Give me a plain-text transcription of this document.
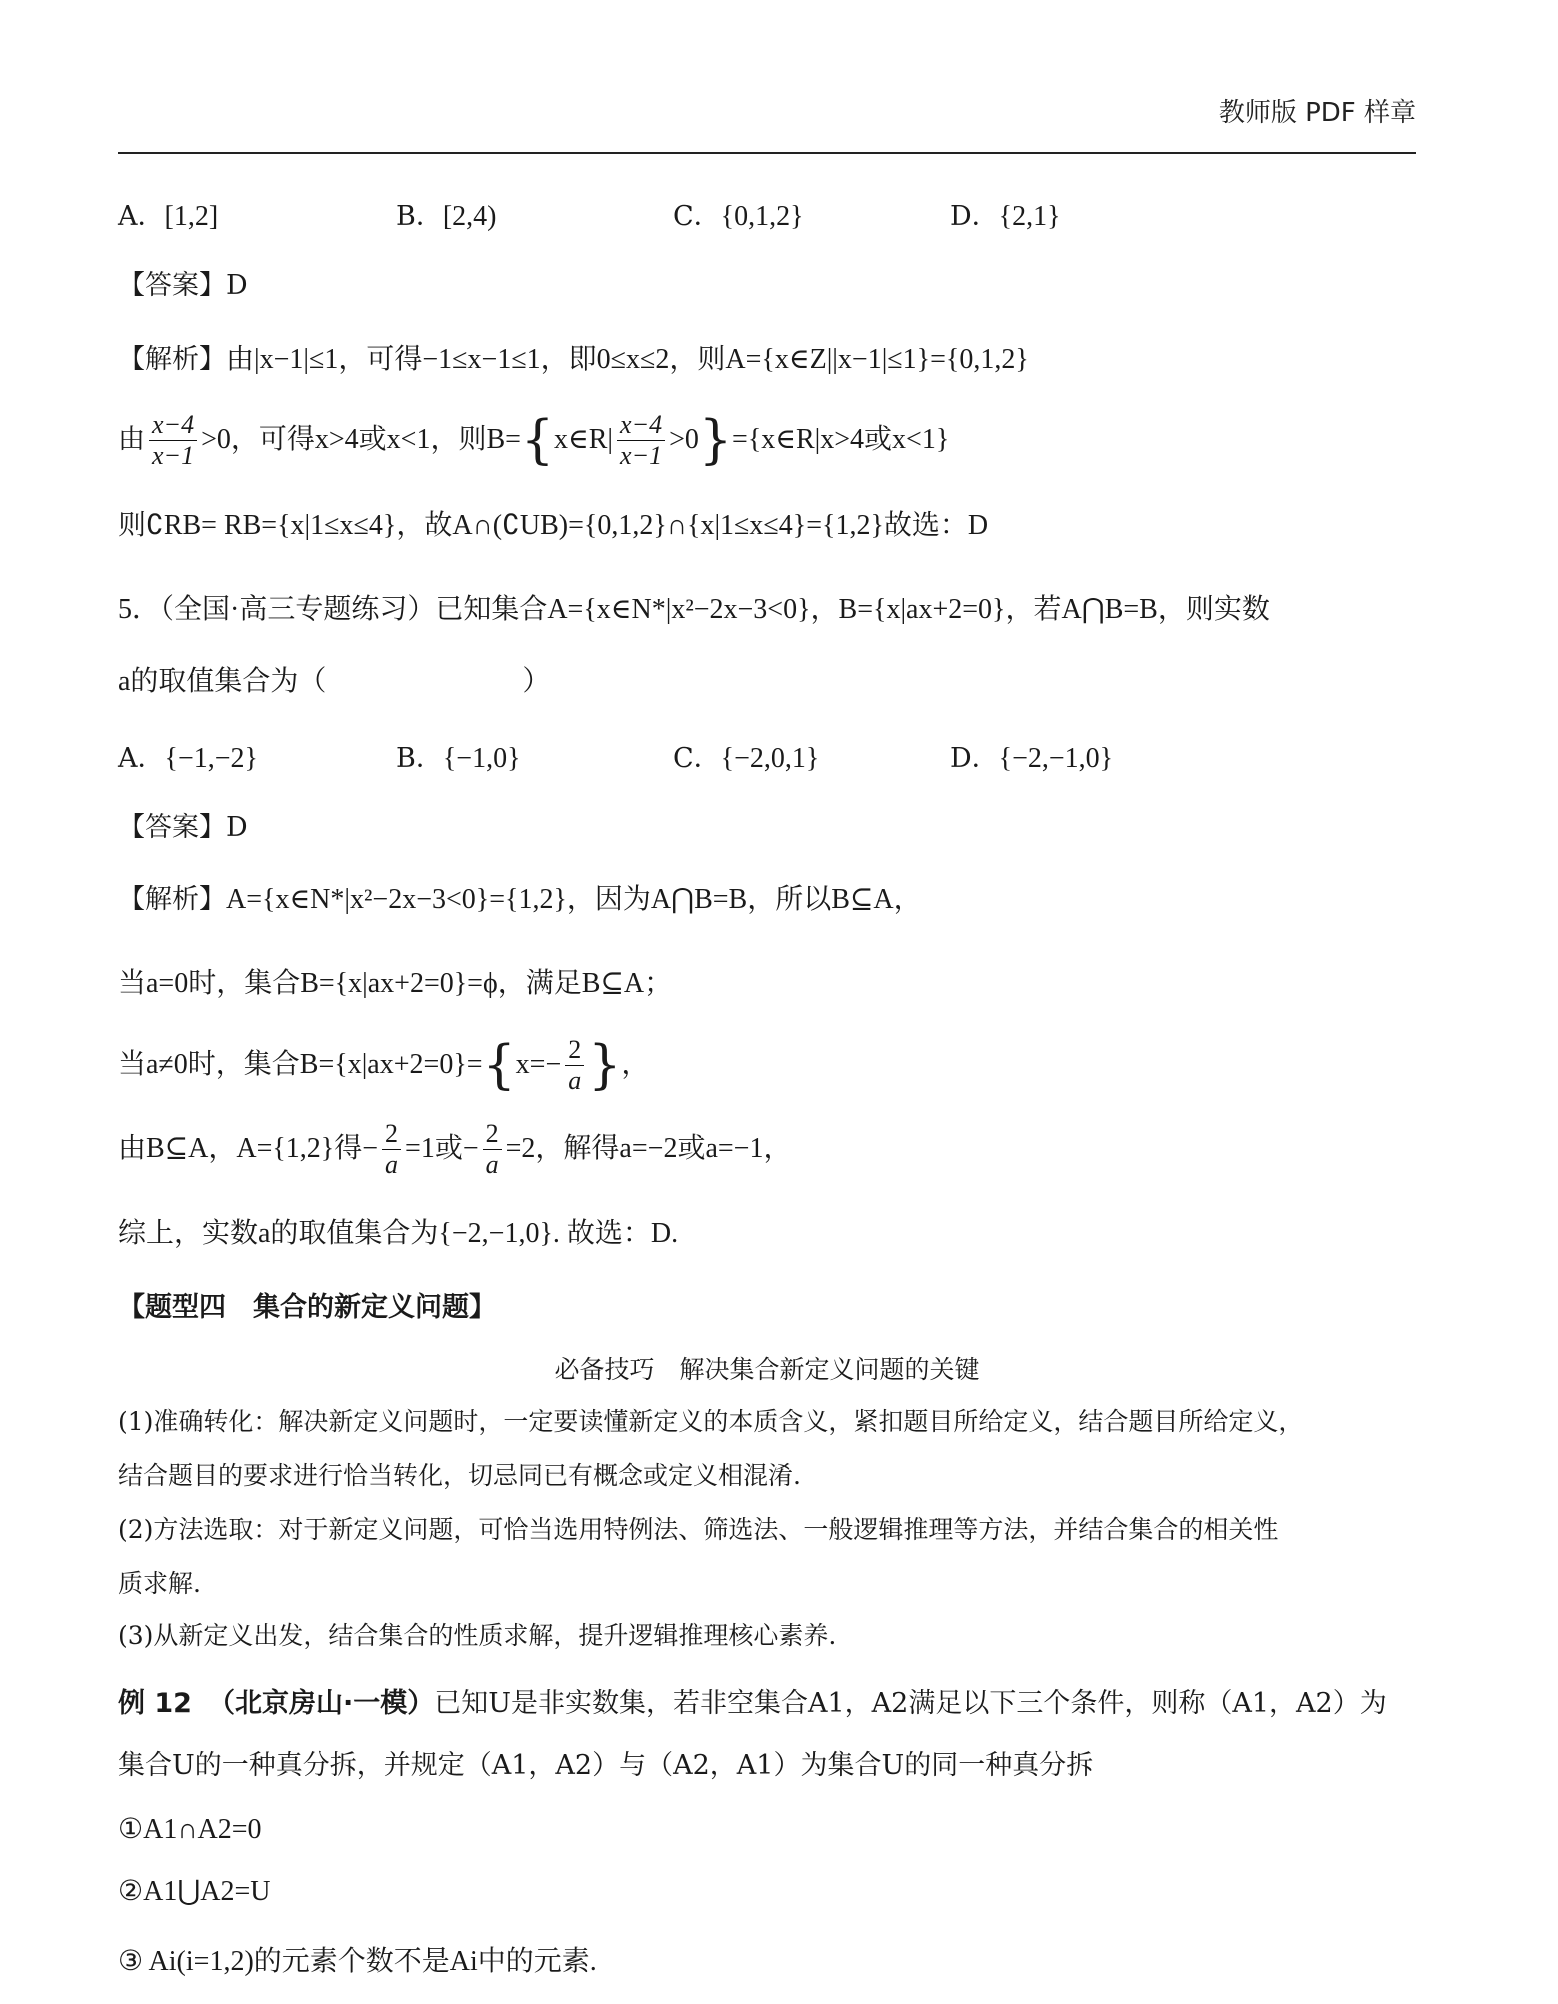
教师版 PDF 样章
A．[1,2]	B．[2,4)	C．{0,1,2}	D．{2,1}
【答案】D
【解析】由|x−1|≤1，可得−1≤x−1≤1，即0≤x≤2，则A={x∈Z||x−1|≤1}={0,1,2}
由 $\frac{x-4}{x-1} >0$，可得x>4或x<1，则B={x∈R| $\frac{x-4}{x-1}$ >0}={x∈R|x>4或x<1}
则∁RB= RB={x|1≤x≤4}，故A∩(∁UB)={0,1,2}∩{x|1≤x≤4}={1,2}故选：D
5．（全国·高三专题练习）已知集合A={x∈N*|x²−2x−3<0}，B={x|ax+2=0}，若A⋂B=B，则实数
a的取值集合为（　　　　　　　）
A．{−1,−2}	B．{−1,0}	C．{−2,0,1}	D．{−2,−1,0}
【答案】D
【解析】A={x∈N*|x²−2x−3<0}={1,2}，因为A⋂B=B，所以B⊆A，
当a=0时，集合B={x|ax+2=0}=ϕ，满足B⊆A；
当a≠0时，集合$B=\{x|ax+2=0\}=\{x=- \frac{2}{a}$ }，
由B⊆A，A={1,2}得− $\frac{2}{a} =1$或− $\frac{2}{a} =2$，解得a=−2或a=−1，
综上，实数a的取值集合为{−2,−1,0}. 故选：D.
【题型四　集合的新定义问题】
必备技巧　解决集合新定义问题的关键
(1)准确转化：解决新定义问题时，一定要读懂新定义的本质含义，紧扣题目所给定义，结合题目所给定义，
结合题目的要求进行恰当转化，切忌同已有概念或定义相混淆.
(2)方法选取：对于新定义问题，可恰当选用特例法、筛选法、一般逻辑推理等方法，并结合集合的相关性
质求解.
(3)从新定义出发，结合集合的性质求解，提升逻辑推理核心素养.
例 12 （北京房山·一模）已知U是非实数集，若非空集合A1，A2满足以下三个条件，则称（A1，A2）为
集合U的一种真分拆，并规定（A1，A2）与（A2，A1）为集合U的同一种真分拆
①A1∩A2=0
②A1⋃A2=U
③ Ai(i=1,2)的元素个数不是Ai中的元素.
